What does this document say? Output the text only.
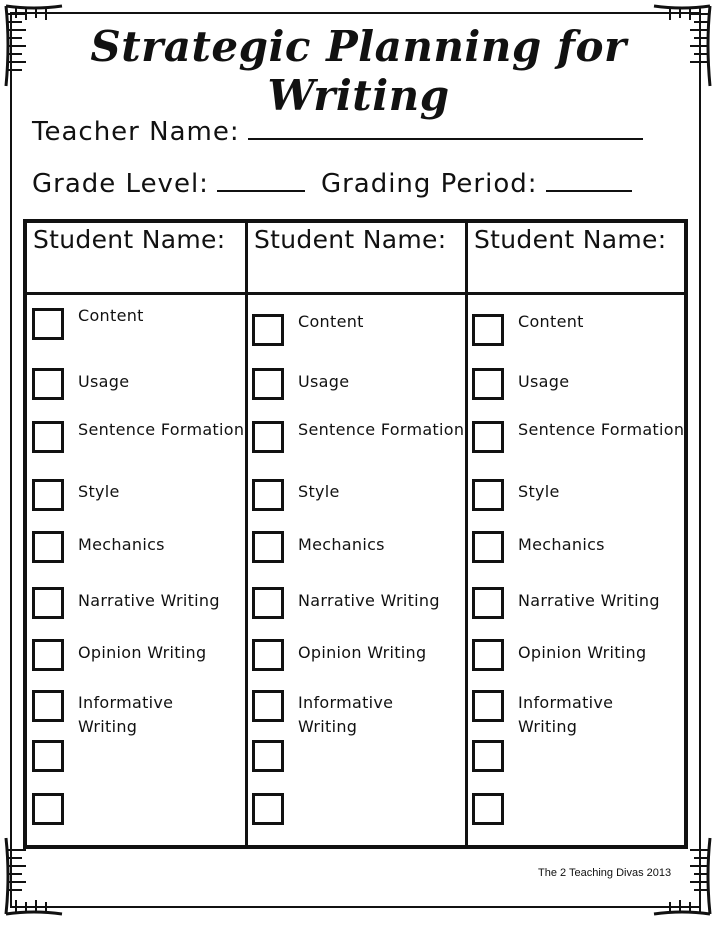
Strategic Planning for Writing
Teacher Name:
Grade Level:	Grading Period:
Student Name: Student Name: Student Name:
Content
Usage
Sentence Formation
Style
Mechanics
Narrative Writing
Opinion Writing
Informative Writing
Content
Usage
Sentence Formation
Style
Mechanics
Narrative Writing
Opinion Writing
Informative Writing
Content
Usage
Sentence Formation
Style
Mechanics
Narrative Writing
Opinion Writing
Informative Writing
The 2 Teaching Divas 2013
